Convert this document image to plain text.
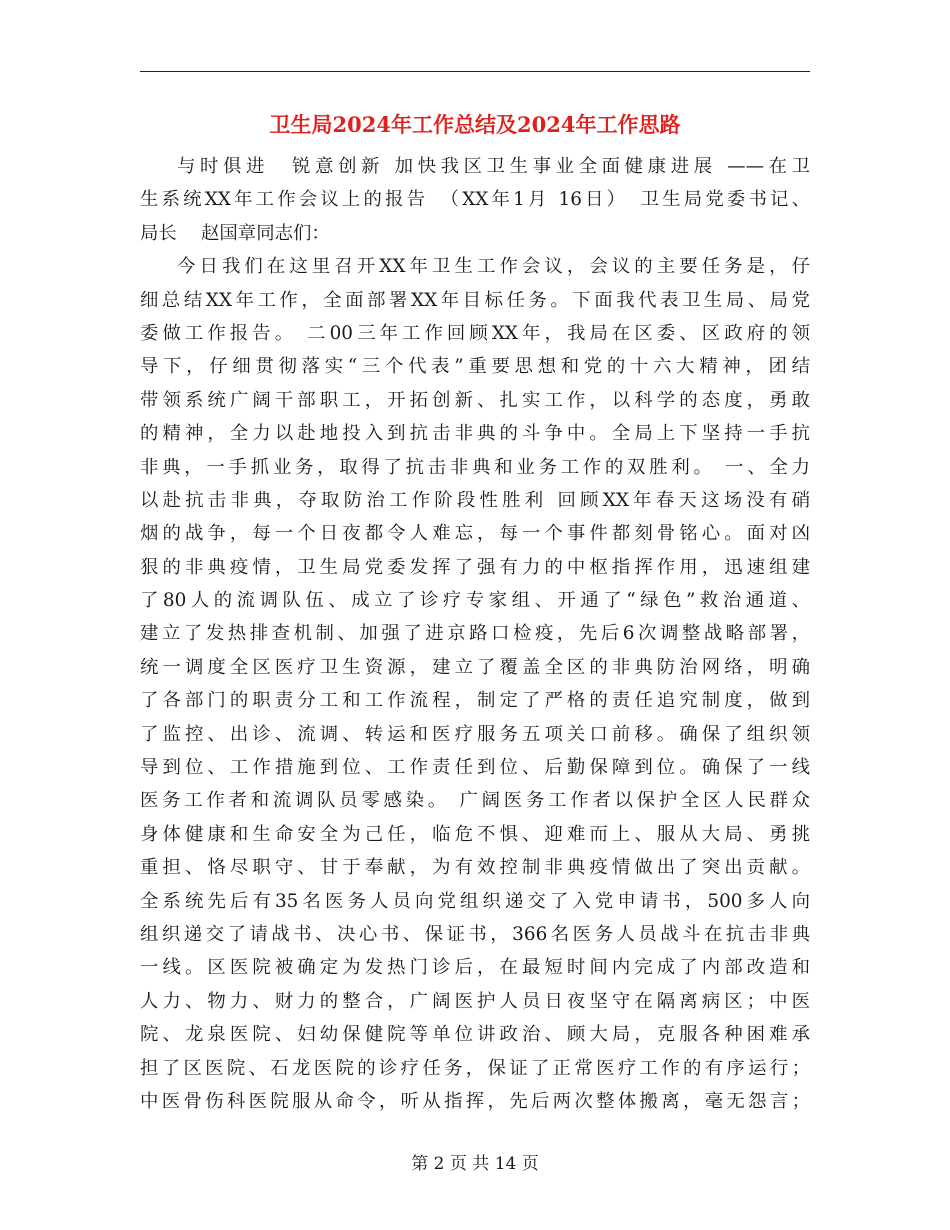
卫生局2024年工作总结及2024年工作思路
与时俱进　锐意创新 加快我区卫生事业全面健康进展 ——在卫
生系统XX年工作会议上的报告　（XX年1月 16日）　卫生局党委书记、
局长　 赵国章同志们：
今日我们在这里召开XX年卫生工作会议，会议的主要任务是，仔
细总结XX年工作，全面部署XX年目标任务。下面我代表卫生局、局党
委做工作报告。 二00三年工作回顾XX年，我局在区委、区政府的领
导下，仔细贯彻落实“三个代表”重要思想和党的十六大精神，团结
带领系统广阔干部职工，开拓创新、扎实工作，以科学的态度，勇敢
的精神，全力以赴地投入到抗击非典的斗争中。全局上下坚持一手抗
非典，一手抓业务，取得了抗击非典和业务工作的双胜利。 一、全力
以赴抗击非典，夺取防治工作阶段性胜利 回顾XX年春天这场没有硝
烟的战争，每一个日夜都令人难忘，每一个事件都刻骨铭心。面对凶
狠的非典疫情，卫生局党委发挥了强有力的中枢指挥作用，迅速组建
了80人的流调队伍、成立了诊疗专家组、开通了“绿色”救治通道、
建立了发热排查机制、加强了进京路口检疫，先后6次调整战略部署，
统一调度全区医疗卫生资源，建立了覆盖全区的非典防治网络，明确
了各部门的职责分工和工作流程，制定了严格的责任追究制度，做到
了监控、出诊、流调、转运和医疗服务五项关口前移。确保了组织领
导到位、工作措施到位、工作责任到位、后勤保障到位。确保了一线
医务工作者和流调队员零感染。 广阔医务工作者以保护全区人民群众
身体健康和生命安全为己任，临危不惧、迎难而上、服从大局、勇挑
重担、恪尽职守、甘于奉献，为有效控制非典疫情做出了突出贡献。
全系统先后有35名医务人员向党组织递交了入党申请书，500多人向
组织递交了请战书、决心书、保证书，366名医务人员战斗在抗击非典
一线。区医院被确定为发热门诊后，在最短时间内完成了内部改造和
人力、物力、财力的整合，广阔医护人员日夜坚守在隔离病区；中医
院、龙泉医院、妇幼保健院等单位讲政治、顾大局，克服各种困难承
担了区医院、石龙医院的诊疗任务，保证了正常医疗工作的有序运行；
中医骨伤科医院服从命令，听从指挥，先后两次整体搬离，毫无怨言；
第 2 页 共 14 页
